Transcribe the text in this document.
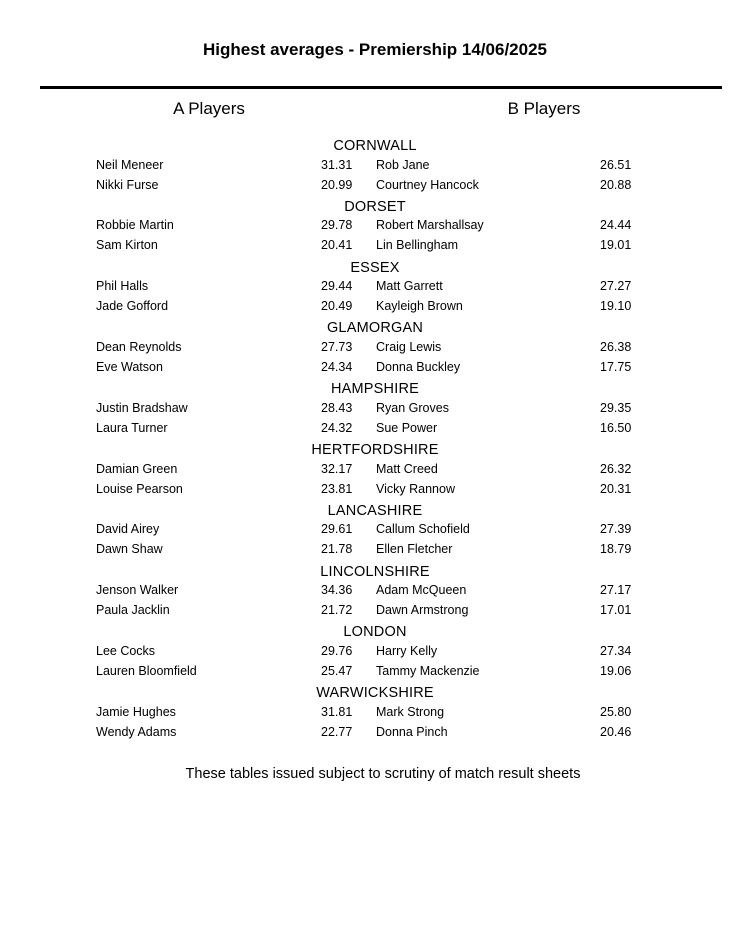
Highest averages - Premiership 14/06/2025
A Players	B Players
CORNWALL
Neil Meneer	31.31 Rob Jane	26.51
Nikki Furse	20.99 Courtney Hancock	20.88
DORSET
Robbie Martin	29.78 Robert Marshallsay	24.44
Sam Kirton	20.41 Lin Bellingham	19.01
ESSEX
Phil Halls	29.44 Matt Garrett	27.27
Jade Gofford	20.49 Kayleigh Brown	19.10
GLAMORGAN
Dean Reynolds	27.73 Craig Lewis	26.38
Eve Watson	24.34 Donna Buckley	17.75
HAMPSHIRE
Justin Bradshaw	28.43 Ryan Groves	29.35
Laura Turner	24.32 Sue Power	16.50
HERTFORDSHIRE
Damian Green	32.17 Matt Creed	26.32
Louise Pearson	23.81 Vicky Rannow	20.31
LANCASHIRE
David Airey	29.61 Callum Schofield	27.39
Dawn Shaw	21.78 Ellen Fletcher	18.79
LINCOLNSHIRE
Jenson Walker	34.36 Adam McQueen	27.17
Paula Jacklin	21.72 Dawn Armstrong	17.01
LONDON
Lee Cocks	29.76 Harry Kelly	27.34
Lauren Bloomfield	25.47 Tammy Mackenzie	19.06
WARWICKSHIRE
Jamie Hughes	31.81 Mark Strong	25.80
Wendy Adams	22.77 Donna Pinch	20.46
These tables issued subject to scrutiny of match result sheets
